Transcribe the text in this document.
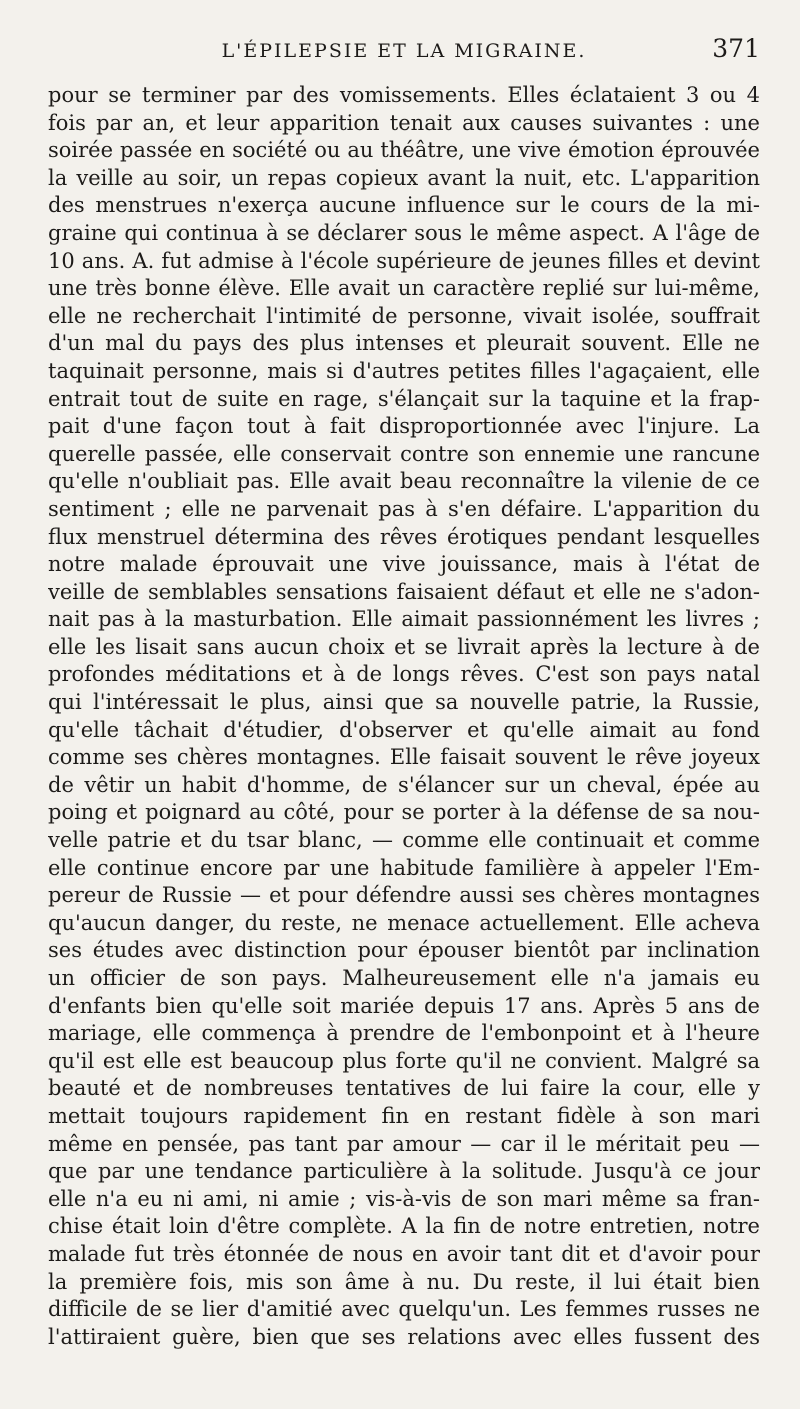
L'ÉPILEPSIE ET LA MIGRAINE.	371
pour se terminer par des vomissements. Elles éclataient 3 ou 4
fois par an, et leur apparition tenait aux causes suivantes : une
soirée passée en société ou au théâtre, une vive émotion éprouvée
la veille au soir, un repas copieux avant la nuit, etc. L'apparition
des menstrues n'exerça aucune influence sur le cours de la mi-
graine qui continua à se déclarer sous le même aspect. A l'âge de
10 ans. A. fut admise à l'école supérieure de jeunes filles et devint
une très bonne élève. Elle avait un caractère replié sur lui-même,
elle ne recherchait l'intimité de personne, vivait isolée, souffrait
d'un mal du pays des plus intenses et pleurait souvent. Elle ne
taquinait personne, mais si d'autres petites filles l'agaçaient, elle
entrait tout de suite en rage, s'élançait sur la taquine et la frap-
pait d'une façon tout à fait disproportionnée avec l'injure. La
querelle passée, elle conservait contre son ennemie une rancune
qu'elle n'oubliait pas. Elle avait beau reconnaître la vilenie de ce
sentiment ; elle ne parvenait pas à s'en défaire. L'apparition du
flux menstruel détermina des rêves érotiques pendant lesquelles
notre malade éprouvait une vive jouissance, mais à l'état de
veille de semblables sensations faisaient défaut et elle ne s'adon-
nait pas à la masturbation. Elle aimait passionnément les livres ;
elle les lisait sans aucun choix et se livrait après la lecture à de
profondes méditations et à de longs rêves. C'est son pays natal
qui l'intéressait le plus, ainsi que sa nouvelle patrie, la Russie,
qu'elle tâchait d'étudier, d'observer et qu'elle aimait au fond
comme ses chères montagnes. Elle faisait souvent le rêve joyeux
de vêtir un habit d'homme, de s'élancer sur un cheval, épée au
poing et poignard au côté, pour se porter à la défense de sa nou-
velle patrie et du tsar blanc, — comme elle continuait et comme
elle continue encore par une habitude familière à appeler l'Em-
pereur de Russie — et pour défendre aussi ses chères montagnes
qu'aucun danger, du reste, ne menace actuellement. Elle acheva
ses études avec distinction pour épouser bientôt par inclination
un officier de son pays. Malheureusement elle n'a jamais eu
d'enfants bien qu'elle soit mariée depuis 17 ans. Après 5 ans de
mariage, elle commença à prendre de l'embonpoint et à l'heure
qu'il est elle est beaucoup plus forte qu'il ne convient. Malgré sa
beauté et de nombreuses tentatives de lui faire la cour, elle y
mettait toujours rapidement fin en restant fidèle à son mari
même en pensée, pas tant par amour — car il le méritait peu —
que par une tendance particulière à la solitude. Jusqu'à ce jour
elle n'a eu ni ami, ni amie ; vis-à-vis de son mari même sa fran-
chise était loin d'être complète. A la fin de notre entretien, notre
malade fut très étonnée de nous en avoir tant dit et d'avoir pour
la première fois, mis son âme à nu. Du reste, il lui était bien
difficile de se lier d'amitié avec quelqu'un. Les femmes russes ne
l'attiraient guère, bien que ses relations avec elles fussent des
